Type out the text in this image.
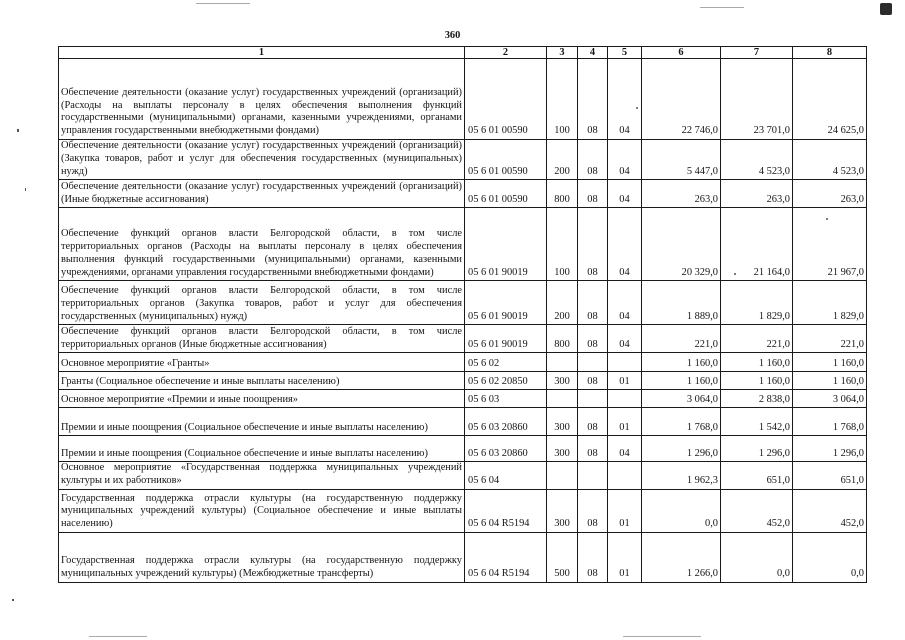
360
1	2	3	4	5	6	7	8
Обеспечение деятельности (оказание услуг) государственных учреждений (организаций) (Расходы на выплаты персоналу в целях обеспечения выполнения функций государственными (муниципальными) органами, казенными учреждениями, органами управления государственными внебюджетными фондами)	05 6 01 00590	100	08	04	22 746,0	23 701,0	24 625,0
Обеспечение деятельности (оказание услуг) государственных учреждений (организаций) (Закупка товаров, работ и услуг для обеспечения государственных (муниципальных) нужд)	05 6 01 00590	200	08	04	5 447,0	4 523,0	4 523,0
Обеспечение деятельности (оказание услуг) государственных учреждений (организаций) (Иные бюджетные ассигнования)	05 6 01 00590	800	08	04	263,0	263,0	263,0
Обеспечение функций органов власти Белгородской области, в том числе территориальных органов (Расходы на выплаты персоналу в целях обеспечения выполнения функций государственными (муниципальными) органами, казенными учреждениями, органами управления государственными внебюджетными фондами)	05 6 01 90019	100	08	04	20 329,0	21 164,0	21 967,0
Обеспечение функций органов власти Белгородской области, в том числе территориальных органов (Закупка товаров, работ и услуг для обеспечения государственных (муниципальных) нужд)	05 6 01 90019	200	08	04	1 889,0	1 829,0	1 829,0
Обеспечение функций органов власти Белгородской области, в том числе территориальных органов (Иные бюджетные ассигнования)	05 6 01 90019	800	08	04	221,0	221,0	221,0
Основное мероприятие «Гранты»	05 6 02				1 160,0	1 160,0	1 160,0
Гранты (Социальное обеспечение и иные выплаты населению)	05 6 02 20850	300	08	01	1 160,0	1 160,0	1 160,0
Основное мероприятие «Премии и иные поощрения»	05 6 03				3 064,0	2 838,0	3 064,0
Премии и иные поощрения (Социальное обеспечение и иные выплаты населению)	05 6 03 20860	300	08	01	1 768,0	1 542,0	1 768,0
Премии и иные поощрения (Социальное обеспечение и иные выплаты населению)	05 6 03 20860	300	08	04	1 296,0	1 296,0	1 296,0
Основное мероприятие «Государственная поддержка муниципальных учреждений культуры и их работников»	05 6 04				1 962,3	651,0	651,0
Государственная поддержка отрасли культуры (на государственную поддержку муниципальных учреждений культуры) (Социальное обеспечение и иные выплаты населению)	05 6 04 R5194	300	08	01	0,0	452,0	452,0
Государственная поддержка отрасли культуры (на государственную поддержку муниципальных учреждений культуры) (Межбюджетные трансферты)	05 6 04 R5194	500	08	01	1 266,0	0,0	0,0
